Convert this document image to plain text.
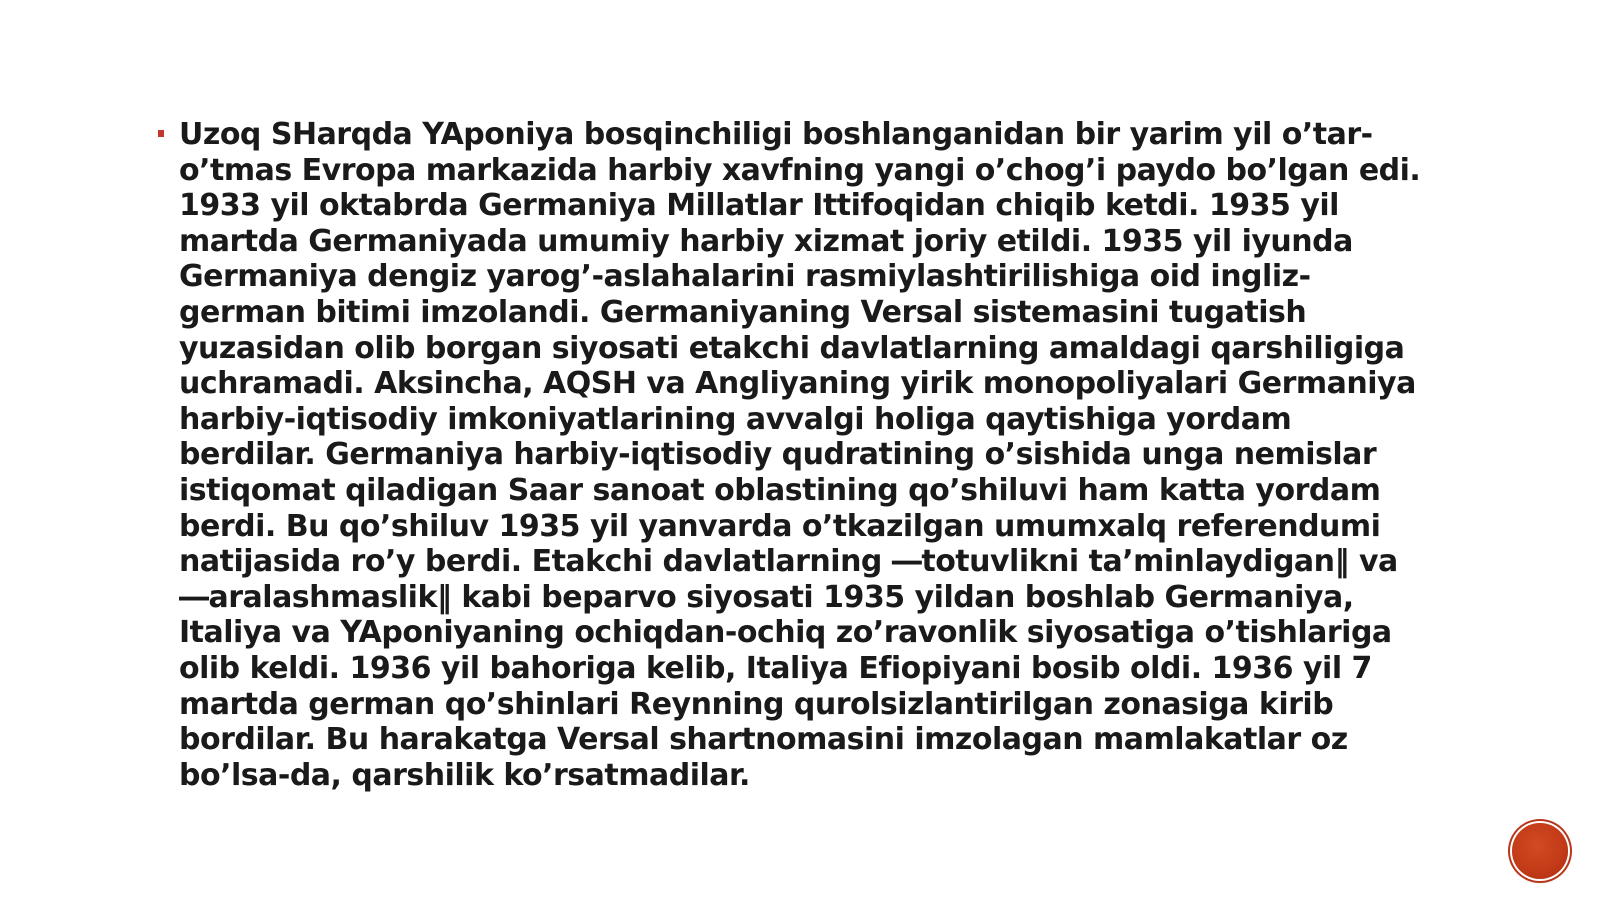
Uzoq SHarqda YAponiya bosqinchiligi boshlanganidan bir yarim yil o’tar-
o’tmas Evropa markazida harbiy xavfning yangi o’chog’i paydo bo’lgan edi.
1933 yil oktabrda Germaniya Millatlar Ittifoqidan chiqib ketdi. 1935 yil
martda Germaniyada umumiy harbiy xizmat joriy etildi. 1935 yil iyunda
Germaniya dengiz yarog’-aslahalarini rasmiylashtirilishiga oid ingliz-
german bitimi imzolandi. Germaniyaning Versal sistemasini tugatish
yuzasidan olib borgan siyosati etakchi davlatlarning amaldagi qarshiligiga
uchramadi. Aksincha, AQSH va Angliyaning yirik monopoliyalari Germaniya
harbiy-iqtisodiy imkoniyatlarining avvalgi holiga qaytishiga yordam
berdilar. Germaniya harbiy-iqtisodiy qudratining o’sishida unga nemislar
istiqomat qiladigan Saar sanoat oblastining qo’shiluvi ham katta yordam
berdi. Bu qo’shiluv 1935 yil yanvarda o’tkazilgan umumxalq referendumi
natijasida ro’y berdi. Etakchi davlatlarning ―totuvlikni ta’minlaydigan‖ va
―aralashmaslik‖ kabi beparvo siyosati 1935 yildan boshlab Germaniya,
Italiya va YAponiyaning ochiqdan-ochiq zo’ravonlik siyosatiga o’tishlariga
olib keldi. 1936 yil bahoriga kelib, Italiya Efiopiyani bosib oldi. 1936 yil 7
martda german qo’shinlari Reynning qurolsizlantirilgan zonasiga kirib
bordilar. Bu harakatga Versal shartnomasini imzolagan mamlakatlar oz
bo’lsa-da, qarshilik ko’rsatmadilar.
